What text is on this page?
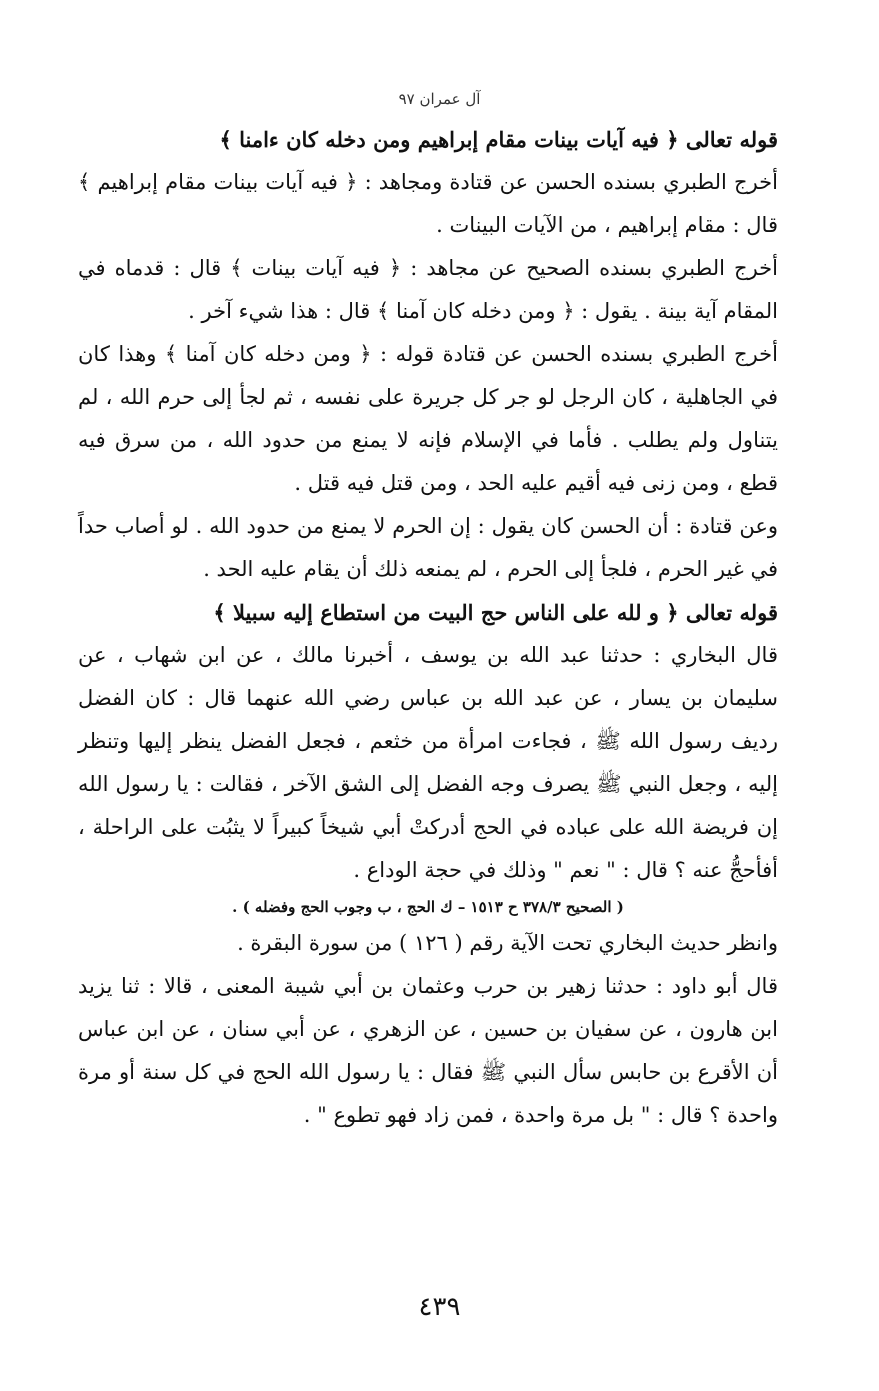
آل عمران ٩٧

قوله تعالى ﴿ فيه آيات بينات مقام إبراهيم ومن دخله كان ءامنا ﴾

أخرج الطبري بسنده الحسن عن قتادة ومجاهد : ﴿ فيه آيات بينات مقام إبراهيم ﴾ قال : مقام إبراهيم ، من الآيات البينات .

أخرج الطبري بسنده الصحيح عن مجاهد : ﴿ فيه آيات بينات ﴾ قال : قدماه في المقام آية بينة . يقول : ﴿ ومن دخله كان آمنا ﴾ قال : هذا شيء آخر .

أخرج الطبري بسنده الحسن عن قتادة قوله : ﴿ ومن دخله كان آمنا ﴾ وهذا كان في الجاهلية ، كان الرجل لو جر كل جريرة على نفسه ، ثم لجأ إلى حرم الله ، لم يتناول ولم يطلب . فأما في الإسلام فإنه لا يمنع من حدود الله ، من سرق فيه قطع ، ومن زنى فيه أقيم عليه الحد ، ومن قتل فيه قتل .

وعن قتادة : أن الحسن كان يقول : إن الحرم لا يمنع من حدود الله . لو أصاب حداً في غير الحرم ، فلجأ إلى الحرم ، لم يمنعه ذلك أن يقام عليه الحد .

قوله تعالى ﴿ و لله على الناس حج البيت من استطاع إليه سبيلا ﴾

قال البخاري : حدثنا عبد الله بن يوسف ، أخبرنا مالك ، عن ابن شهاب ، عن سليمان بن يسار ، عن عبد الله بن عباس رضي الله عنهما قال : كان الفضل رديف رسول الله ﷺ ، فجاءت امرأة من خثعم ، فجعل الفضل ينظر إليها وتنظر إليه ، وجعل النبي ﷺ يصرف وجه الفضل إلى الشق الآخر ، فقالت : يا رسول الله إن فريضة الله على عباده في الحج أدركتْ أبي شيخاً كبيراً لا يثبُت على الراحلة ، أفأحجُّ عنه ؟ قال : " نعم " وذلك في حجة الوداع .

( الصحيح ٣٧٨/٣ ح ١٥١٣ – ك الحج ، ب وجوب الحج وفضله ) .

وانظر حديث البخاري تحت الآية رقم ( ١٢٦ ) من سورة البقرة .

قال أبو داود : حدثنا زهير بن حرب وعثمان بن أبي شيبة المعنى ، قالا : ثنا يزيد ابن هارون ، عن سفيان بن حسين ، عن الزهري ، عن أبي سنان ، عن ابن عباس أن الأقرع بن حابس سأل النبي ﷺ فقال : يا رسول الله الحج في كل سنة أو مرة واحدة ؟ قال : " بل مرة واحدة ، فمن زاد فهو تطوع " .

٤٣٩
